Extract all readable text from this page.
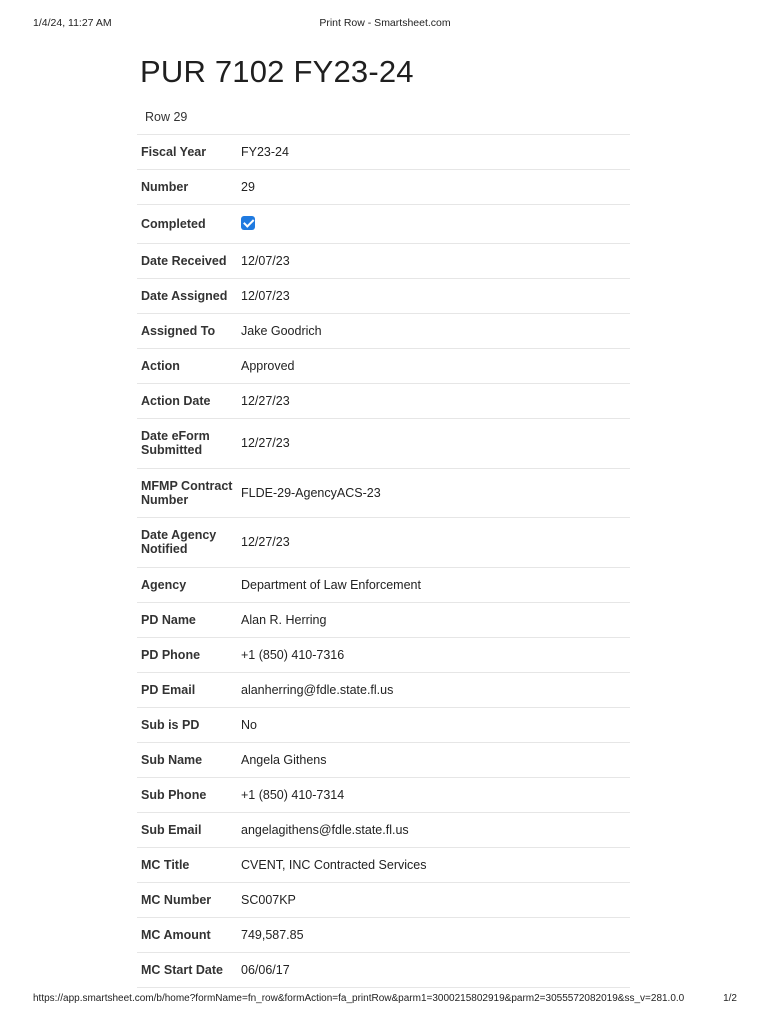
1/4/24, 11:27 AM	Print Row - Smartsheet.com
PUR 7102 FY23-24
Row 29
Fiscal Year	FY23-24
Number	29
Completed
Date Received	12/07/23
Date Assigned	12/07/23
Assigned To	Jake Goodrich
Action	Approved
Action Date	12/27/23
Date eForm Submitted	12/27/23
MFMP Contract Number	FLDE-29-AgencyACS-23
Date Agency Notified	12/27/23
Agency	Department of Law Enforcement
PD Name	Alan R. Herring
PD Phone	+1 (850) 410-7316
PD Email	alanherring@fdle.state.fl.us
Sub is PD	No
Sub Name	Angela Githens
Sub Phone	+1 (850) 410-7314
Sub Email	angelagithens@fdle.state.fl.us
MC Title	CVENT, INC Contracted Services
MC Number	SC007KP
MC Amount	749,587.85
MC Start Date	06/06/17
https://app.smartsheet.com/b/home?formName=fn_row&formAction=fa_printRow&parm1=3000215802919&parm2=3055572082019&ss_v=281.0.0	1/2
